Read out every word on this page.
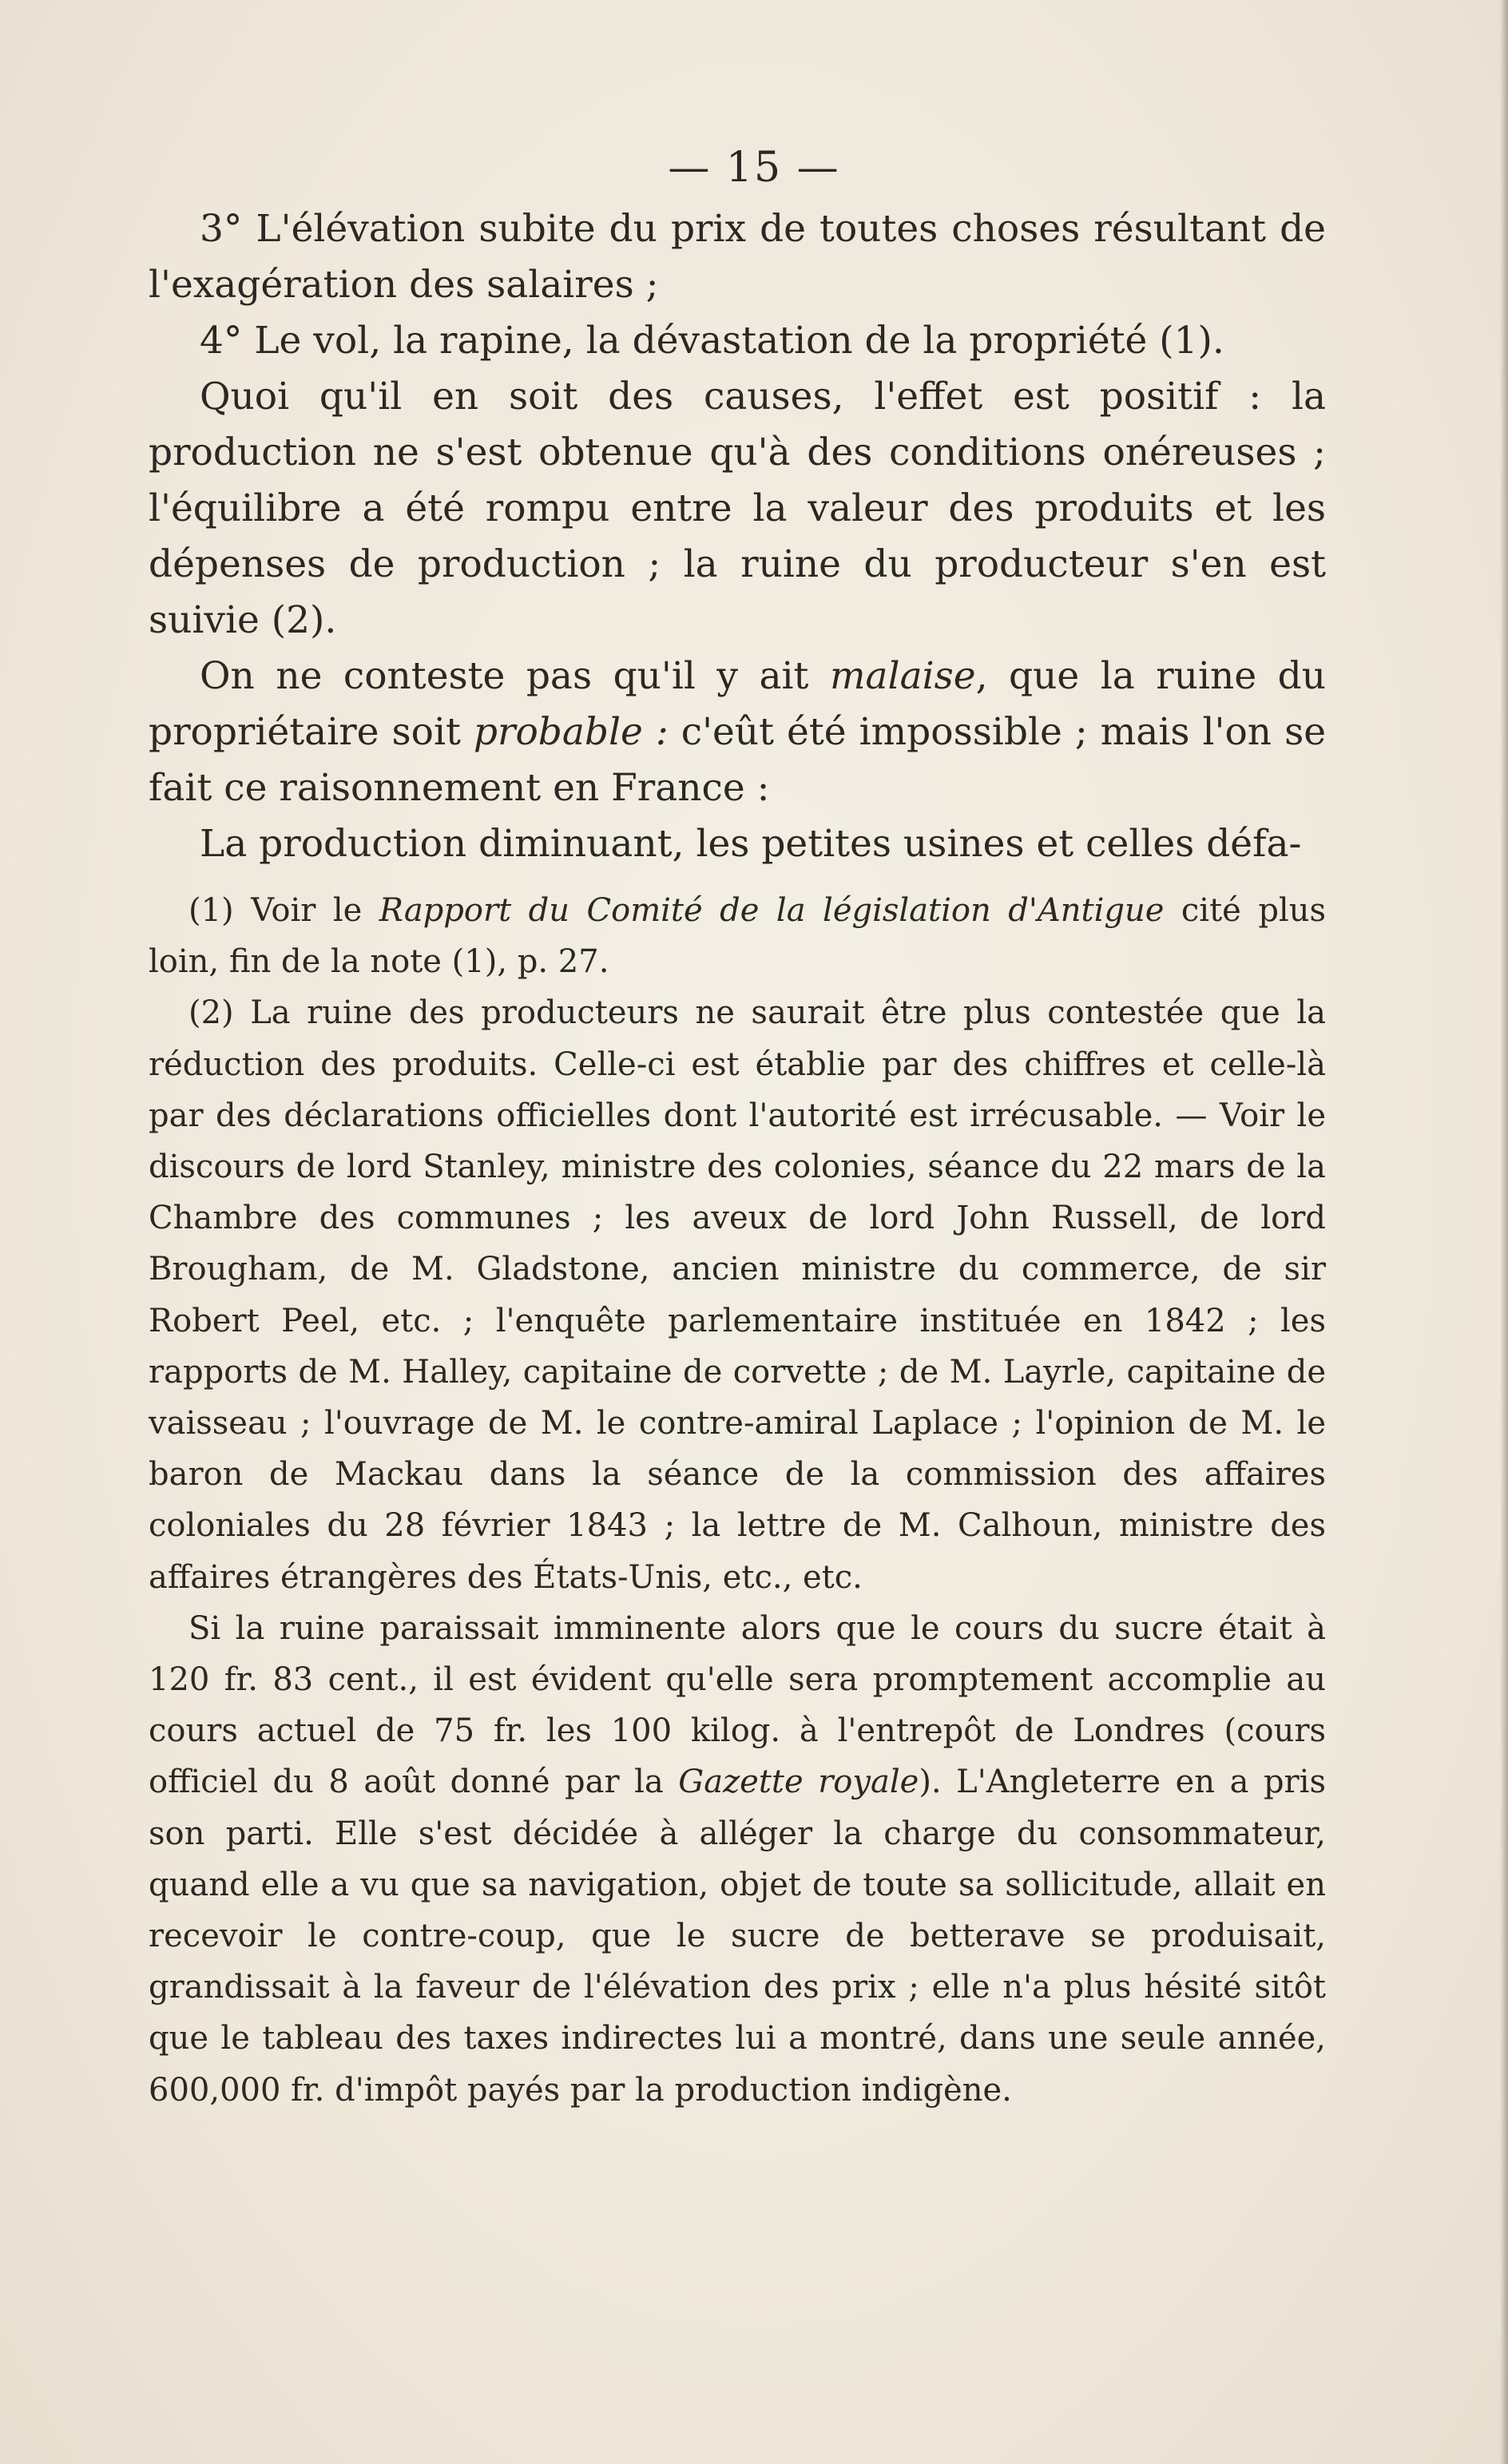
— 15 —

3° L'élévation subite du prix de toutes choses résultant de l'exagération des salaires ;

4° Le vol, la rapine, la dévastation de la propriété (1).

Quoi qu'il en soit des causes, l'effet est positif : la production ne s'est obtenue qu'à des conditions onéreuses ; l'équilibre a été rompu entre la valeur des produits et les dépenses de production ; la ruine du producteur s'en est suivie (2).

On ne conteste pas qu'il y ait malaise, que la ruine du propriétaire soit probable : c'eût été impossible ; mais l'on se fait ce raisonnement en France :

La production diminuant, les petites usines et celles défa-

(1) Voir le Rapport du Comité de la législation d'Antigue cité plus loin, fin de la note (1), p. 27.

(2) La ruine des producteurs ne saurait être plus contestée que la réduction des produits. Celle-ci est établie par des chiffres et celle-là par des déclarations officielles dont l'autorité est irrécusable. — Voir le discours de lord Stanley, ministre des colonies, séance du 22 mars de la Chambre des communes ; les aveux de lord John Russell, de lord Brougham, de M. Gladstone, ancien ministre du commerce, de sir Robert Peel, etc. ; l'enquête parlementaire instituée en 1842 ; les rapports de M. Halley, capitaine de corvette ; de M. Layrle, capitaine de vaisseau ; l'ouvrage de M. le contre-amiral Laplace ; l'opinion de M. le baron de Mackau dans la séance de la commission des affaires coloniales du 28 février 1843 ; la lettre de M. Calhoun, ministre des affaires étrangères des États-Unis, etc., etc.

Si la ruine paraissait imminente alors que le cours du sucre était à 120 fr. 83 cent., il est évident qu'elle sera promptement accomplie au cours actuel de 75 fr. les 100 kilog. à l'entrepôt de Londres (cours officiel du 8 août donné par la Gazette royale). L'Angleterre en a pris son parti. Elle s'est décidée à alléger la charge du consommateur, quand elle a vu que sa navigation, objet de toute sa sollicitude, allait en recevoir le contre-coup, que le sucre de betterave se produisait, grandissait à la faveur de l'élévation des prix ; elle n'a plus hésité sitôt que le tableau des taxes indirectes lui a montré, dans une seule année, 600,000 fr. d'impôt payés par la production indigène.
